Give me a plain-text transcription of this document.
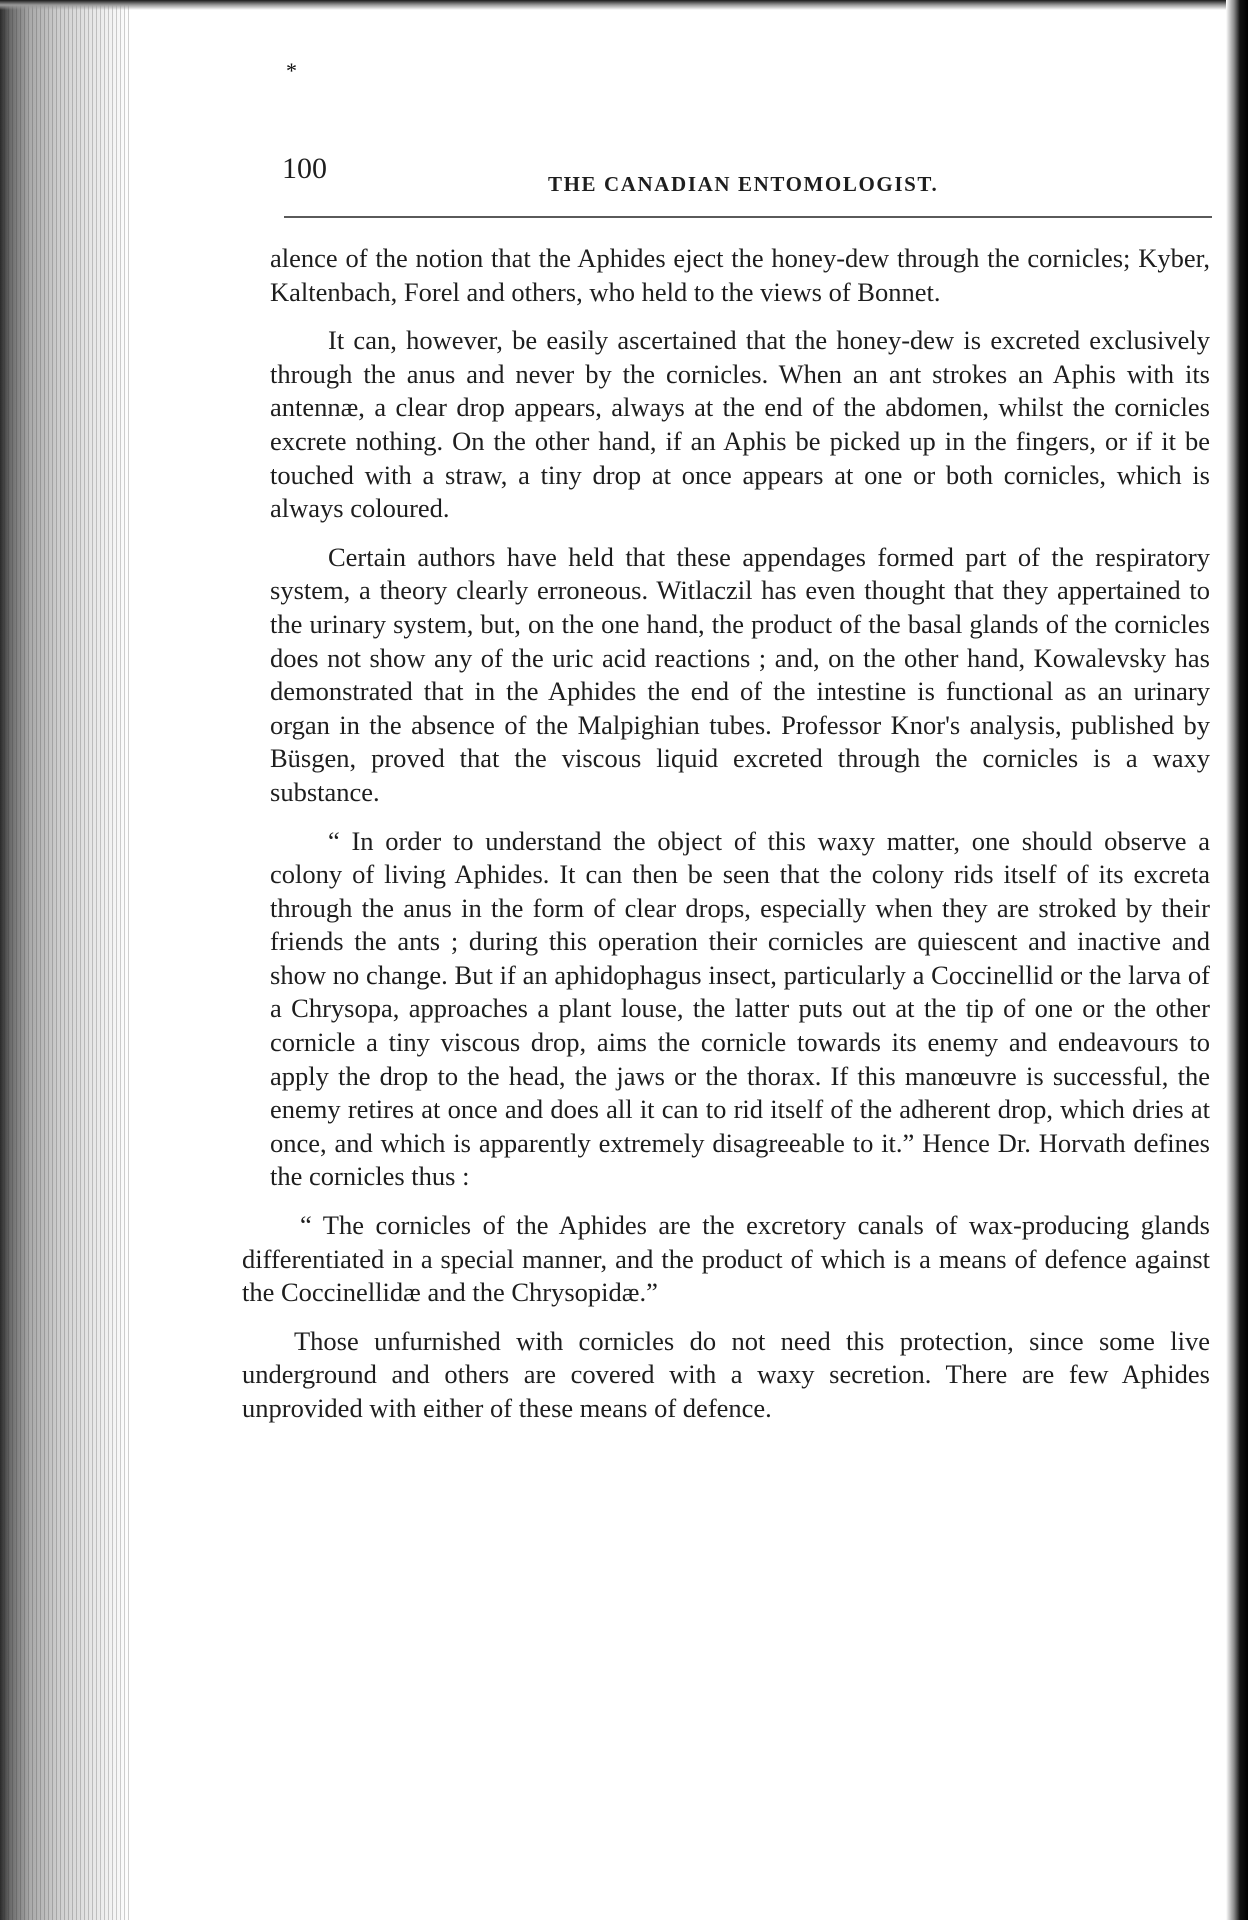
*
100	THE CANADIAN ENTOMOLOGIST.

alence of the notion that the Aphides eject the honey-dew through the cornicles; Kyber, Kaltenbach, Forel and others, who held to the views of Bonnet.

It can, however, be easily ascertained that the honey-dew is excreted exclusively through the anus and never by the cornicles. When an ant strokes an Aphis with its antennæ, a clear drop appears, always at the end of the abdomen, whilst the cornicles excrete nothing. On the other hand, if an Aphis be picked up in the fingers, or if it be touched with a straw, a tiny drop at once appears at one or both cornicles, which is always coloured.

Certain authors have held that these appendages formed part of the respiratory system, a theory clearly erroneous. Witlaczil has even thought that they appertained to the urinary system, but, on the one hand, the product of the basal glands of the cornicles does not show any of the uric acid reactions ; and, on the other hand, Kowalevsky has demonstrated that in the Aphides the end of the intestine is functional as an urinary organ in the absence of the Malpighian tubes. Professor Knor's analysis, published by Büsgen, proved that the viscous liquid excreted through the cornicles is a waxy substance.

“ In order to understand the object of this waxy matter, one should observe a colony of living Aphides. It can then be seen that the colony rids itself of its excreta through the anus in the form of clear drops, especially when they are stroked by their friends the ants ; during this operation their cornicles are quiescent and inactive and show no change. But if an aphidophagus insect, particularly a Coccinellid or the larva of a Chrysopa, approaches a plant louse, the latter puts out at the tip of one or the other cornicle a tiny viscous drop, aims the cornicle towards its enemy and endeavours to apply the drop to the head, the jaws or the thorax. If this manœuvre is successful, the enemy retires at once and does all it can to rid itself of the adherent drop, which dries at once, and which is apparently extremely disagreeable to it.” Hence Dr. Horvath defines the cornicles thus :

“ The cornicles of the Aphides are the excretory canals of wax-producing glands differentiated in a special manner, and the product of which is a means of defence against the Coccinellidæ and the Chrysopidæ.”

Those unfurnished with cornicles do not need this protection, since some live underground and others are covered with a waxy secretion. There are few Aphides unprovided with either of these means of defence.
